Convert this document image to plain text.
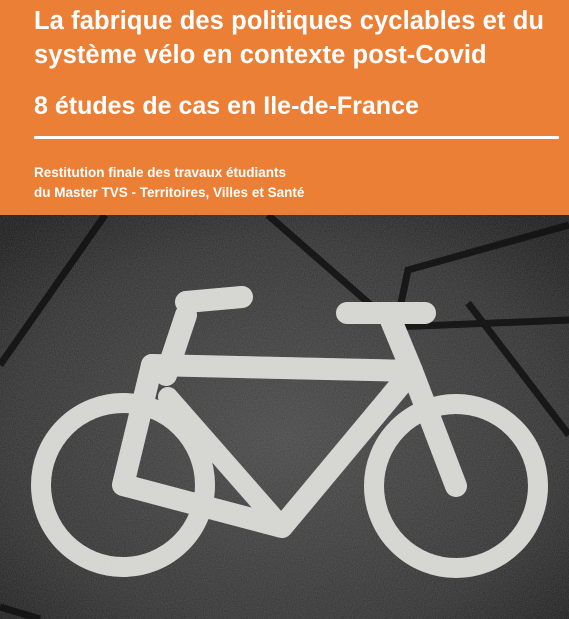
La fabrique des politiques cyclables et du
système vélo en contexte post-Covid
8 études de cas en Ile-de-France
Restitution finale des travaux étudiants
du Master TVS - Territoires, Villes et Santé
